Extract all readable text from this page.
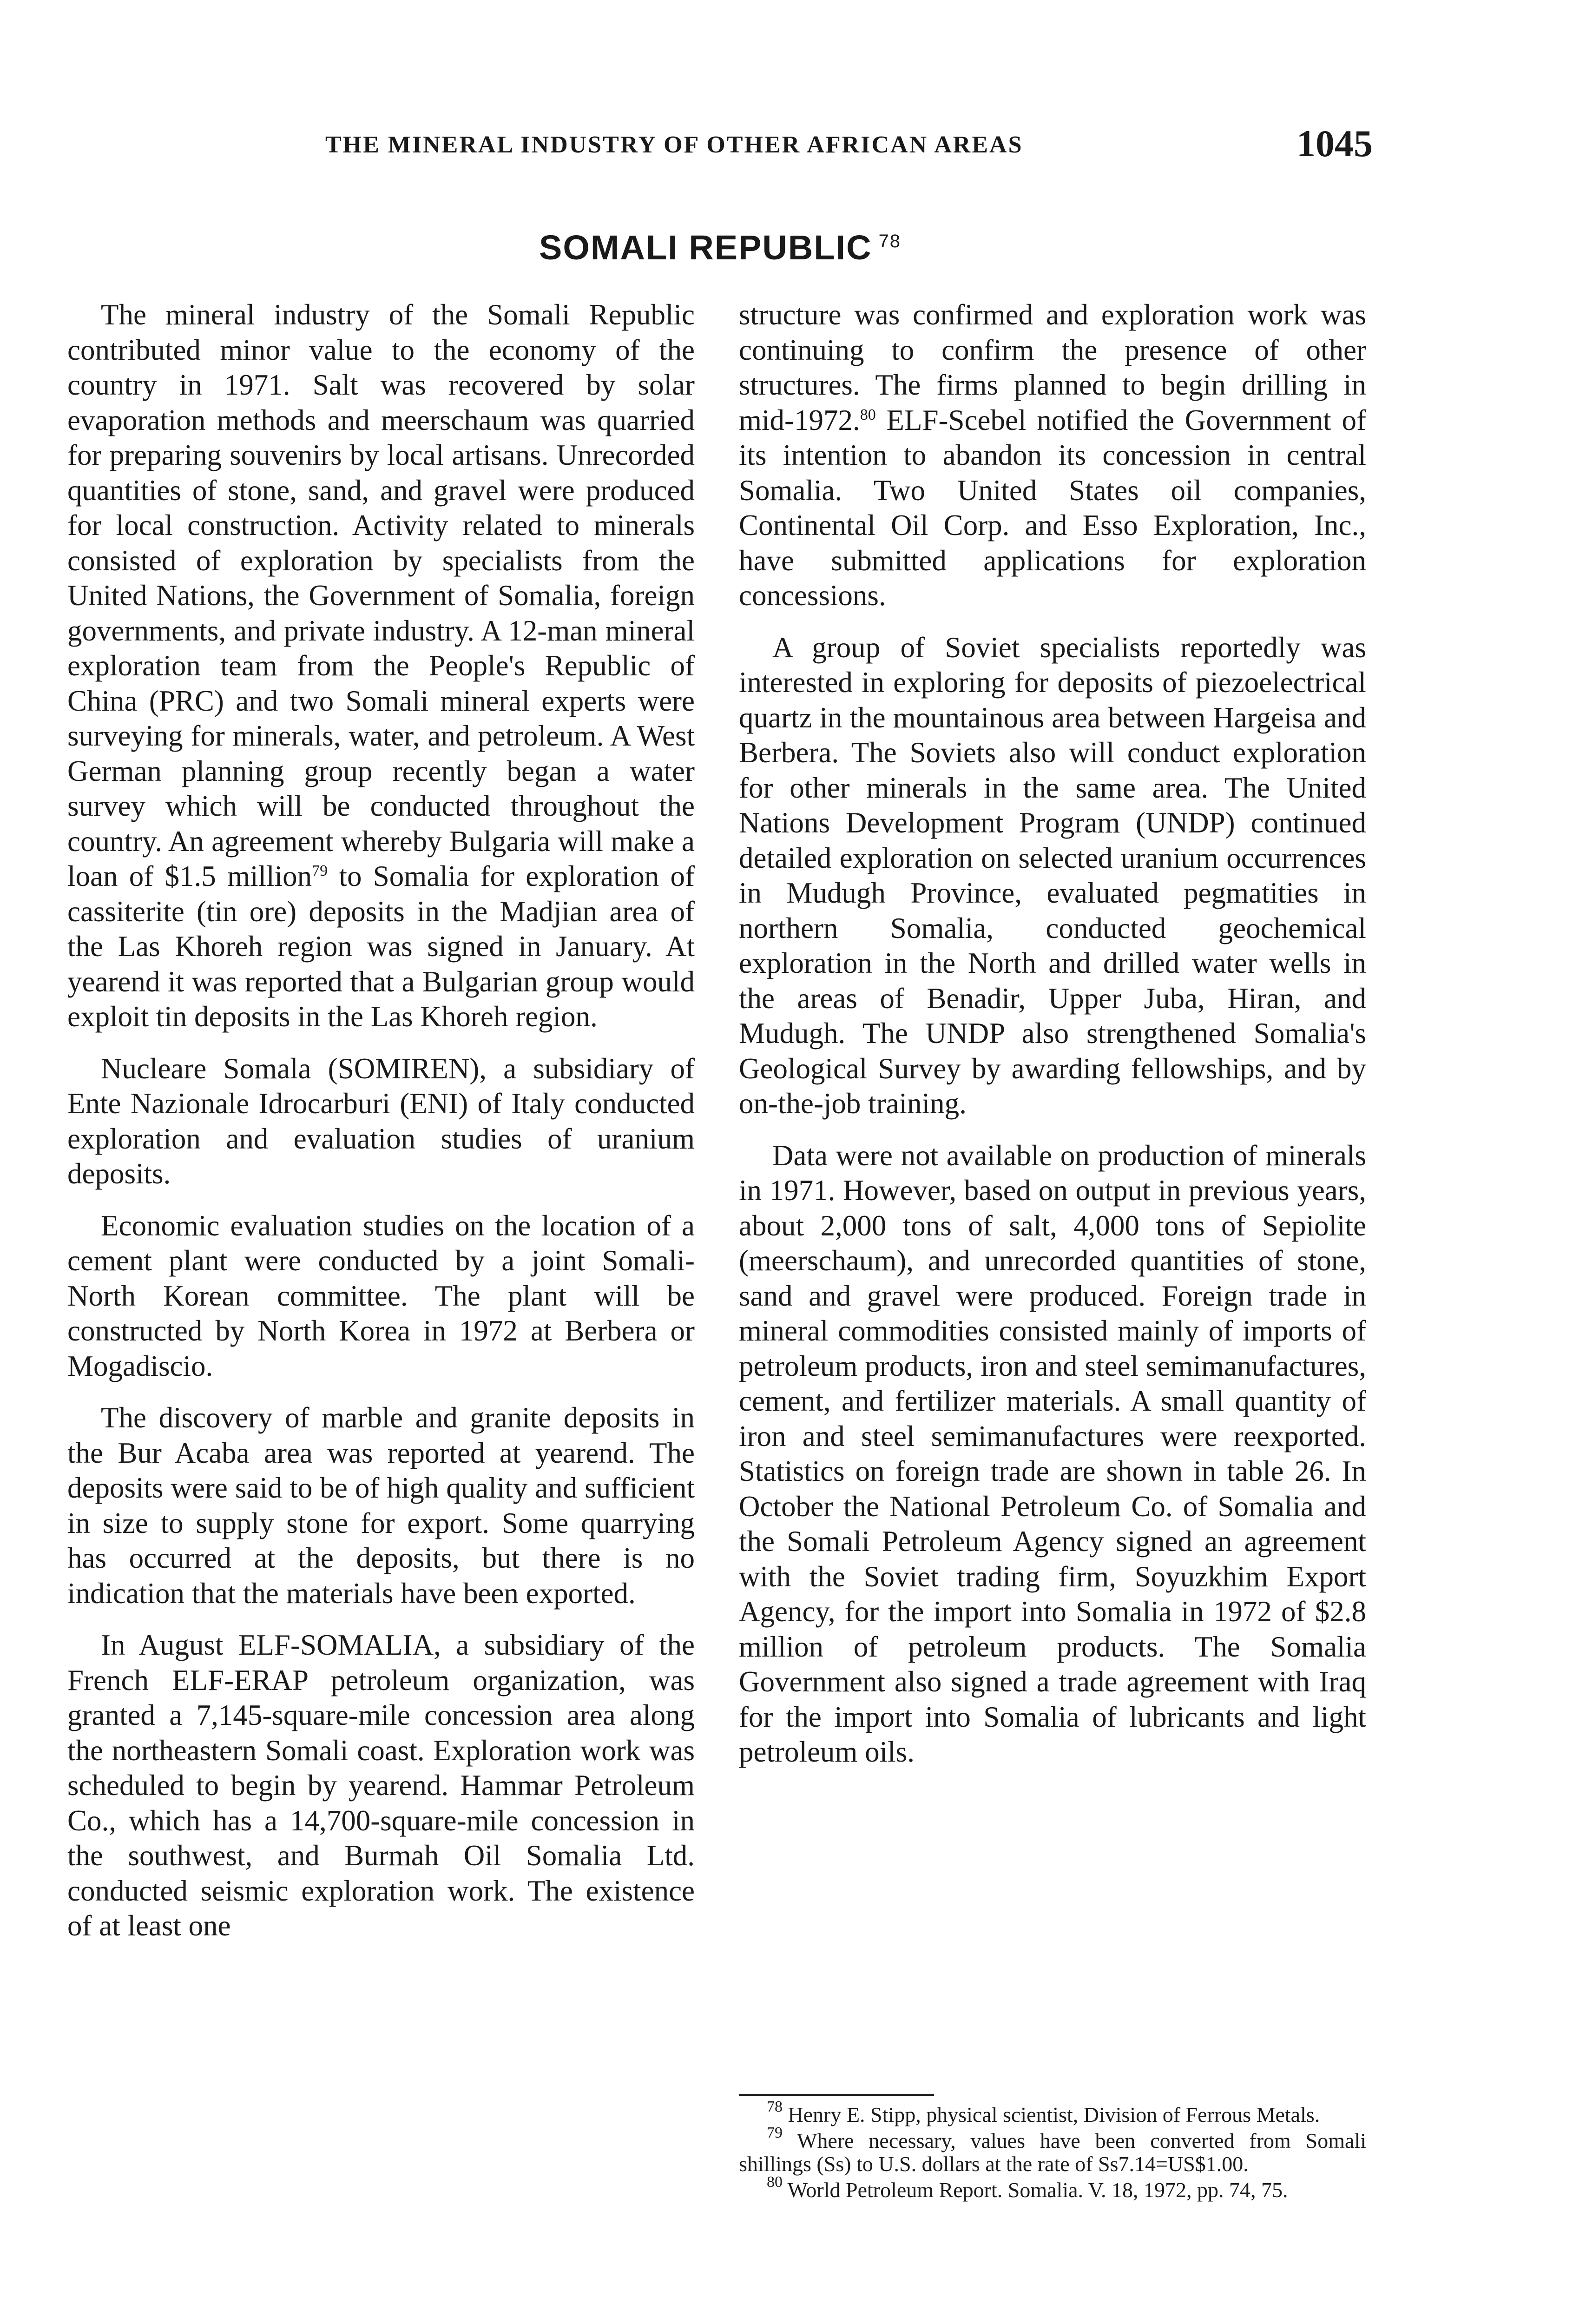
THE MINERAL INDUSTRY OF OTHER AFRICAN AREAS	1045
SOMALI REPUBLIC $^{78}$

The mineral industry of the Somali Republic contributed minor value to the economy of the country in 1971. Salt was recovered by solar evaporation methods and meerschaum was quarried for preparing souvenirs by local artisans. Unrecorded quantities of stone, sand, and gravel were produced for local construction. Activity related to minerals consisted of exploration by specialists from the United Nations, the Government of Somalia, foreign governments, and private industry. A 12-man mineral exploration team from the People's Republic of China (PRC) and two Somali mineral experts were surveying for minerals, water, and petroleum. A West German planning group recently began a water survey which will be conducted throughout the country. An agreement whereby Bulgaria will make a loan of $1.5 million$^{79}$ to Somalia for exploration of cassiterite (tin ore) deposits in the Madjian area of the Las Khoreh region was signed in January. At yearend it was reported that a Bulgarian group would exploit tin deposits in the Las Khoreh region.

Nucleare Somala (SOMIREN), a subsidiary of Ente Nazionale Idrocarburi (ENI) of Italy conducted exploration and evaluation studies of uranium deposits.

Economic evaluation studies on the location of a cement plant were conducted by a joint Somali-North Korean committee. The plant will be constructed by North Korea in 1972 at Berbera or Mogadiscio.

The discovery of marble and granite deposits in the Bur Acaba area was reported at yearend. The deposits were said to be of high quality and sufficient in size to supply stone for export. Some quarrying has occurred at the deposits, but there is no indication that the materials have been exported.

In August ELF-SOMALIA, a subsidiary of the French ELF-ERAP petroleum organization, was granted a 7,145-square-mile concession area along the northeastern Somali coast. Exploration work was scheduled to begin by yearend. Hammar Petroleum Co., which has a 14,700-square-mile concession in the southwest, and Burmah Oil Somalia Ltd. conducted seismic exploration work. The existence of at least one

structure was confirmed and exploration work was continuing to confirm the presence of other structures. The firms planned to begin drilling in mid-1972.80 ELF-Scebel notified the Government of its intention to abandon its concession in central Somalia. Two United States oil companies, Continental Oil Corp. and Esso Exploration, Inc., have submitted applications for exploration concessions.

A group of Soviet specialists reportedly was interested in exploring for deposits of piezoelectrical quartz in the mountainous area between Hargeisa and Berbera. The Soviets also will conduct exploration for other minerals in the same area. The United Nations Development Program (UNDP) continued detailed exploration on selected uranium occurrences in Mudugh Province, evaluated pegmatities in northern Somalia, conducted geochemical exploration in the North and drilled water wells in the areas of Benadir, Upper Juba, Hiran, and Mudugh. The UNDP also strengthened Somalia's Geological Survey by awarding fellowships, and by on-the-job training.

Data were not available on production of minerals in 1971. However, based on output in previous years, about 2,000 tons of salt, 4,000 tons of Sepiolite (meerschaum), and unrecorded quantities of stone, sand and gravel were produced. Foreign trade in mineral commodities consisted mainly of imports of petroleum products, iron and steel semimanufactures, cement, and fertilizer materials. A small quantity of iron and steel semimanufactures were reexported. Statistics on foreign trade are shown in table 26. In October the National Petroleum Co. of Somalia and the Somali Petroleum Agency signed an agreement with the Soviet trading firm, Soyuzkhim Export Agency, for the import into Somalia in 1972 of $2.8 million of petroleum products. The Somalia Government also signed a trade agreement with Iraq for the import into Somalia of lubricants and light petroleum oils.

$^{78}$ Henry E. Stipp, physical scientist, Division of Ferrous Metals.

$^{79}$ Where necessary, values have been converted from Somali shillings (Ss) to U.S. dollars at the rate of Ss7.14=US$1.00.

$^{80}$ World Petroleum Report. Somalia. V. 18, 1972, pp. 74, 75.
